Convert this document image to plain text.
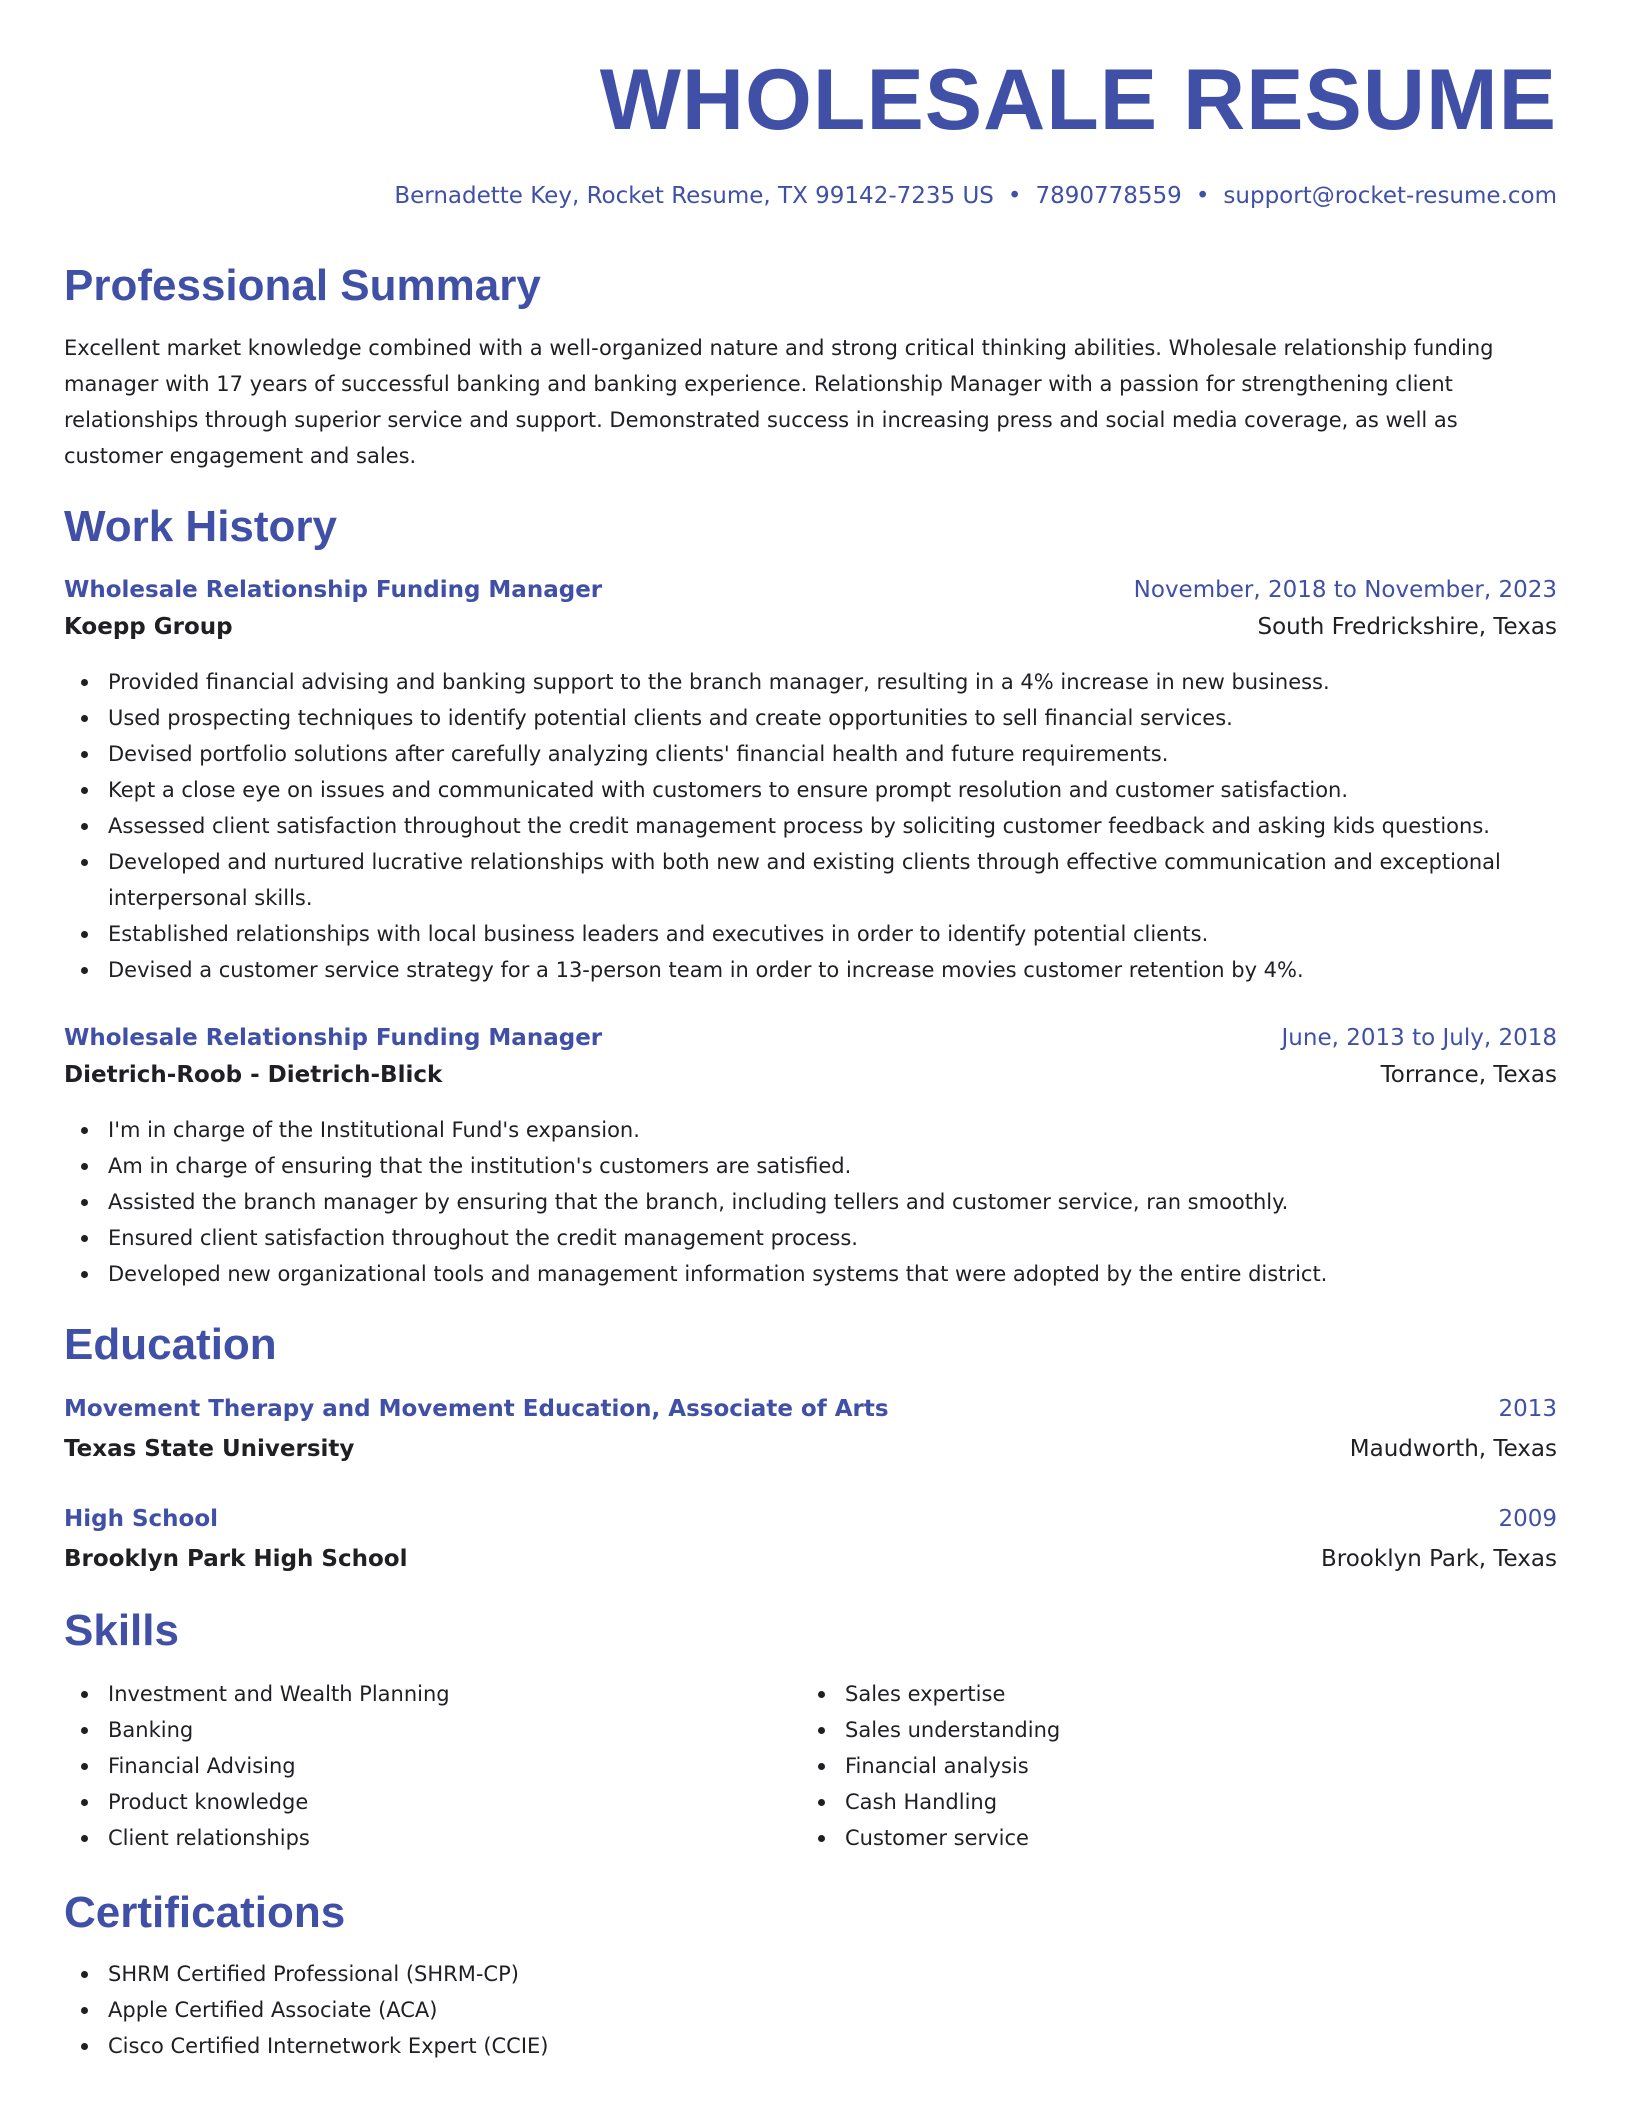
WHOLESALE RESUME
Bernadette Key, Rocket Resume, TX 99142-7235 US • 7890778559 • support@rocket-resume.com
Professional Summary

Excellent market knowledge combined with a well-organized nature and strong critical thinking abilities. Wholesale relationship funding manager with 17 years of successful banking and banking experience. Relationship Manager with a passion for strengthening client relationships through superior service and support. Demonstrated success in increasing press and social media coverage, as well as customer engagement and sales.

Work History
Wholesale Relationship Funding Manager	November, 2018 to November, 2023
Koepp Group	South Fredrickshire, Texas
Provided financial advising and banking support to the branch manager, resulting in a 4% increase in new business.
Used prospecting techniques to identify potential clients and create opportunities to sell financial services.
Devised portfolio solutions after carefully analyzing clients' financial health and future requirements.
Kept a close eye on issues and communicated with customers to ensure prompt resolution and customer satisfaction.
Assessed client satisfaction throughout the credit management process by soliciting customer feedback and asking kids questions.
Developed and nurtured lucrative relationships with both new and existing clients through effective communication and exceptional interpersonal skills.
Established relationships with local business leaders and executives in order to identify potential clients.
Devised a customer service strategy for a 13-person team in order to increase movies customer retention by 4%.
Wholesale Relationship Funding Manager	June, 2013 to July, 2018
Dietrich-Roob - Dietrich-Blick	Torrance, Texas
I'm in charge of the Institutional Fund's expansion.
Am in charge of ensuring that the institution's customers are satisfied.
Assisted the branch manager by ensuring that the branch, including tellers and customer service, ran smoothly.
Ensured client satisfaction throughout the credit management process.
Developed new organizational tools and management information systems that were adopted by the entire district.
Education
Movement Therapy and Movement Education, Associate of Arts	2013
Texas State University	Maudworth, Texas
High School	2009
Brooklyn Park High School	Brooklyn Park, Texas
Skills
Investment and Wealth Planning
Banking
Financial Advising
Product knowledge
Client relationships
Sales expertise
Sales understanding
Financial analysis
Cash Handling
Customer service
Certifications
SHRM Certified Professional (SHRM-CP)
Apple Certified Associate (ACA)
Cisco Certified Internetwork Expert (CCIE)
